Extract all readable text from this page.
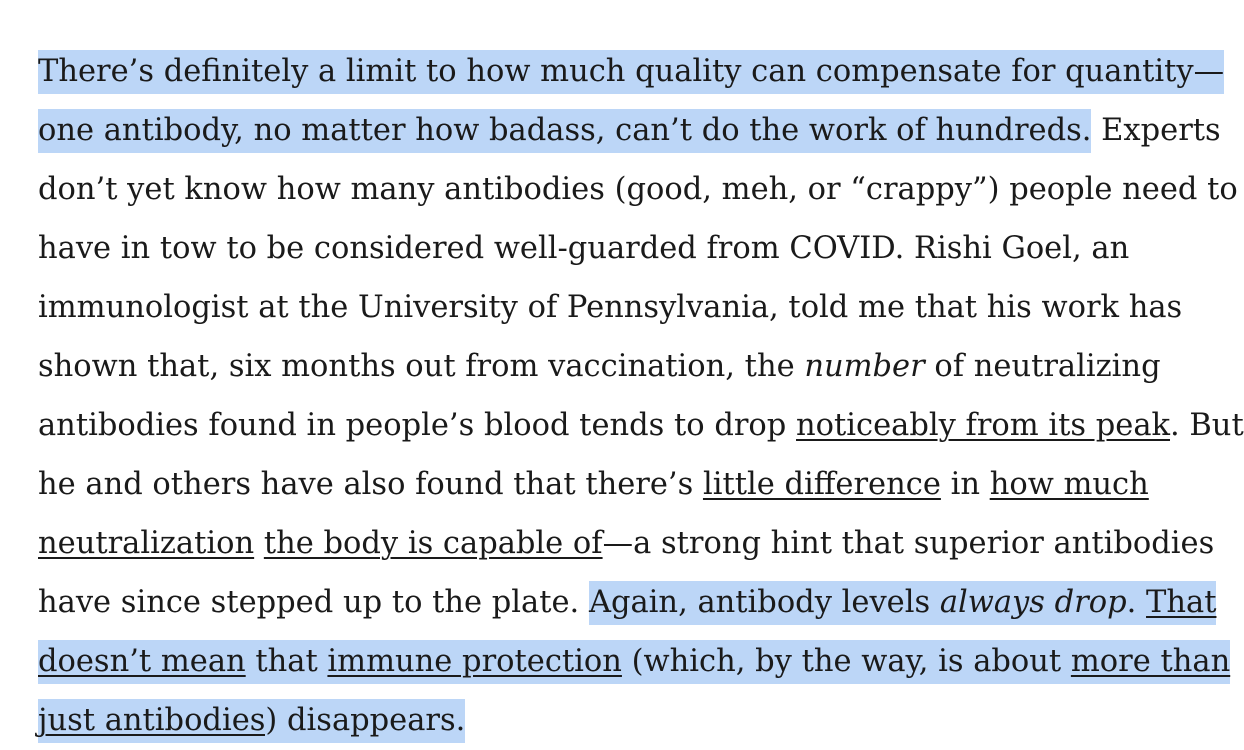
There’s definitely a limit to how much quality can compensate for quantity—
one antibody, no matter how badass, can’t do the work of hundreds. Experts
don’t yet know how many antibodies (good, meh, or “crappy”) people need to
have in tow to be considered well-guarded from COVID. Rishi Goel, an
immunologist at the University of Pennsylvania, told me that his work has
shown that, six months out from vaccination, the number of neutralizing
antibodies found in people’s blood tends to drop noticeably from its peak. But
he and others have also found that there’s little difference in how much
neutralization the body is capable of—a strong hint that superior antibodies
have since stepped up to the plate. Again, antibody levels always drop. That
doesn’t mean that immune protection (which, by the way, is about more than
just antibodies) disappears.
